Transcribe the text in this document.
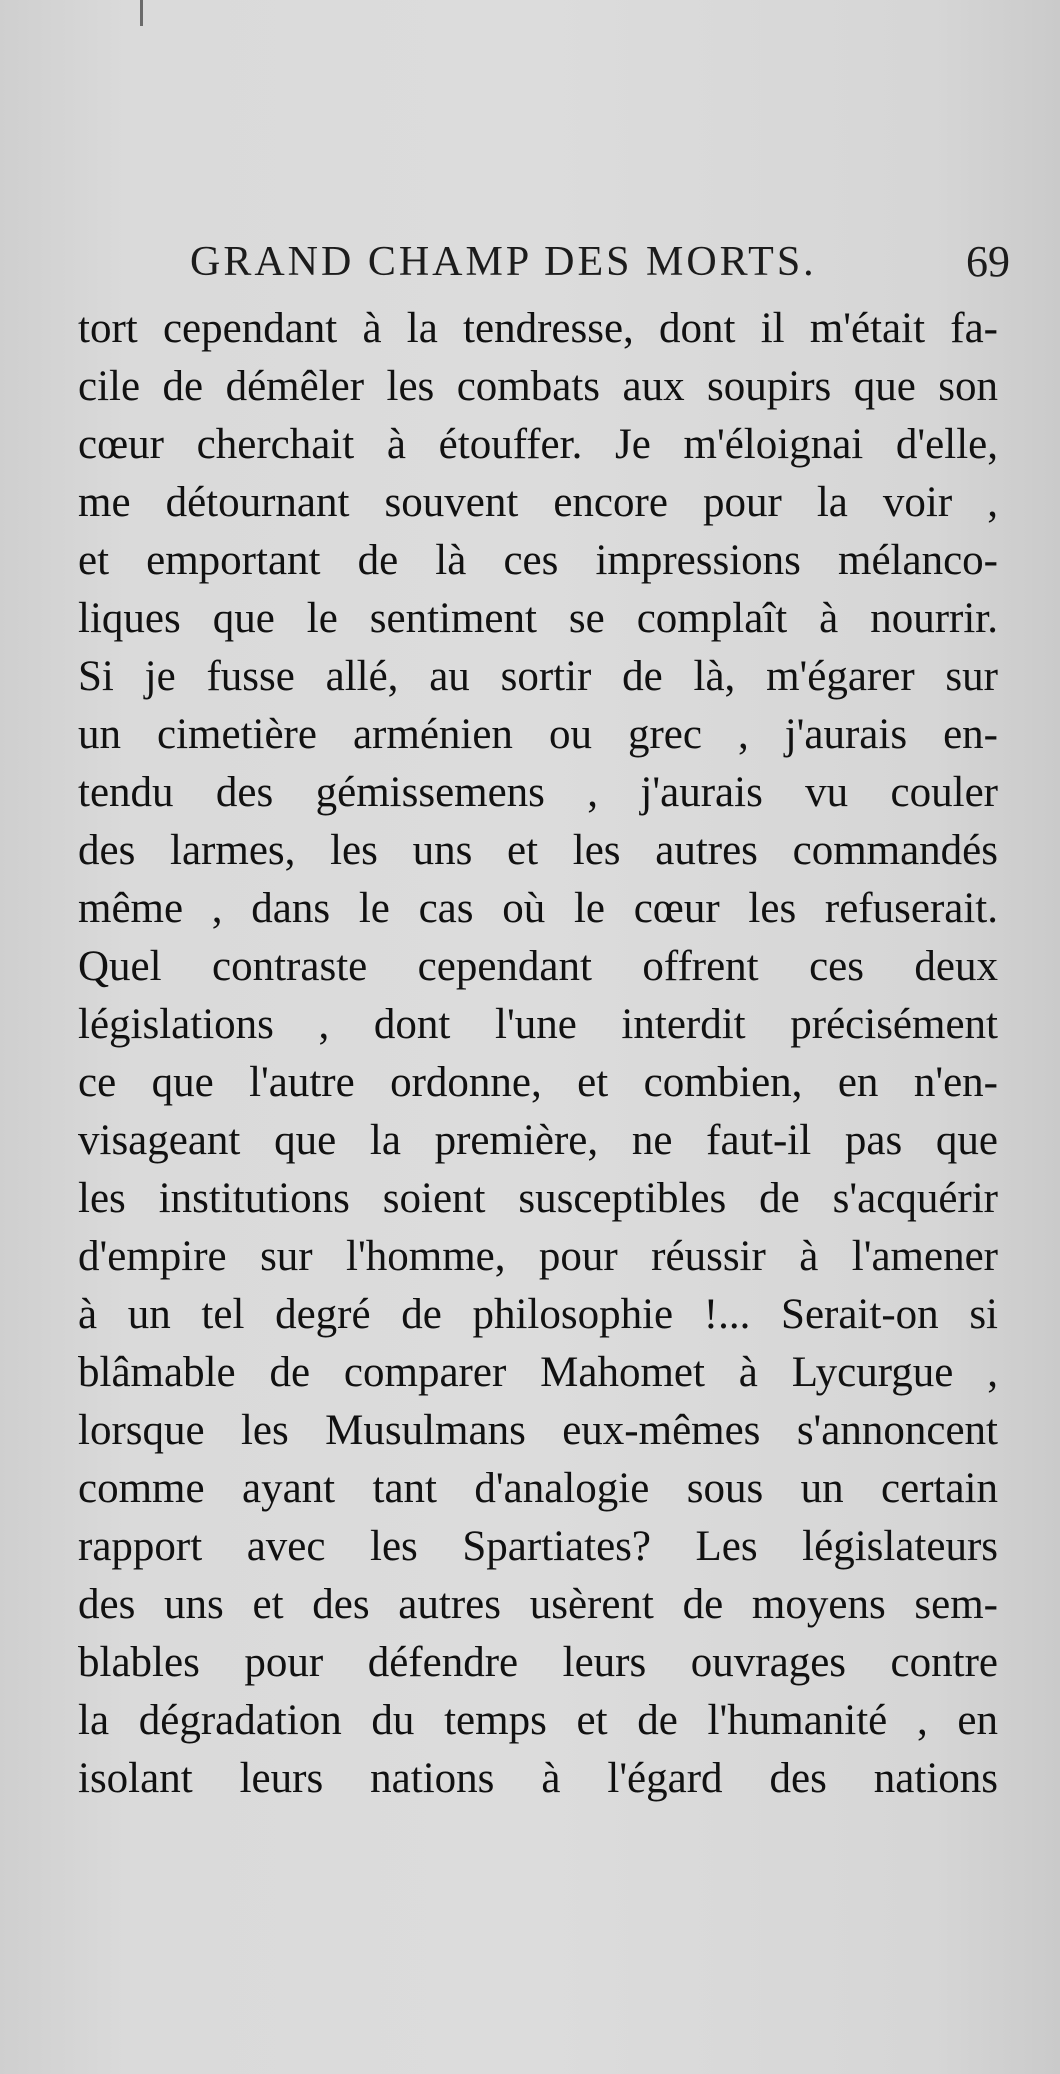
GRAND CHAMP DES MORTS.	69
tort cependant à la tendresse, dont il m'était fa-
cile de démêler les combats aux soupirs que son
cœur cherchait à étouffer. Je m'éloignai d'elle,
me détournant souvent encore pour la voir ,
et emportant de là ces impressions mélanco-
liques que le sentiment se complaît à nourrir.
Si je fusse allé, au sortir de là, m'égarer sur
un cimetière arménien ou grec , j'aurais en-
tendu des gémissemens , j'aurais vu couler
des larmes, les uns et les autres commandés
même , dans le cas où le cœur les refuserait.
Quel contraste cependant offrent ces deux
législations , dont l'une interdit précisément
ce que l'autre ordonne, et combien, en n'en-
visageant que la première, ne faut-il pas que
les institutions soient susceptibles de s'acquérir
d'empire sur l'homme, pour réussir à l'amener
à un tel degré de philosophie !... Serait-on si
blâmable de comparer Mahomet à Lycurgue ,
lorsque les Musulmans eux-mêmes s'annoncent
comme ayant tant d'analogie sous un certain
rapport avec les Spartiates? Les législateurs
des uns et des autres usèrent de moyens sem-
blables pour défendre leurs ouvrages contre
la dégradation du temps et de l'humanité , en
isolant leurs nations à l'égard des nations
